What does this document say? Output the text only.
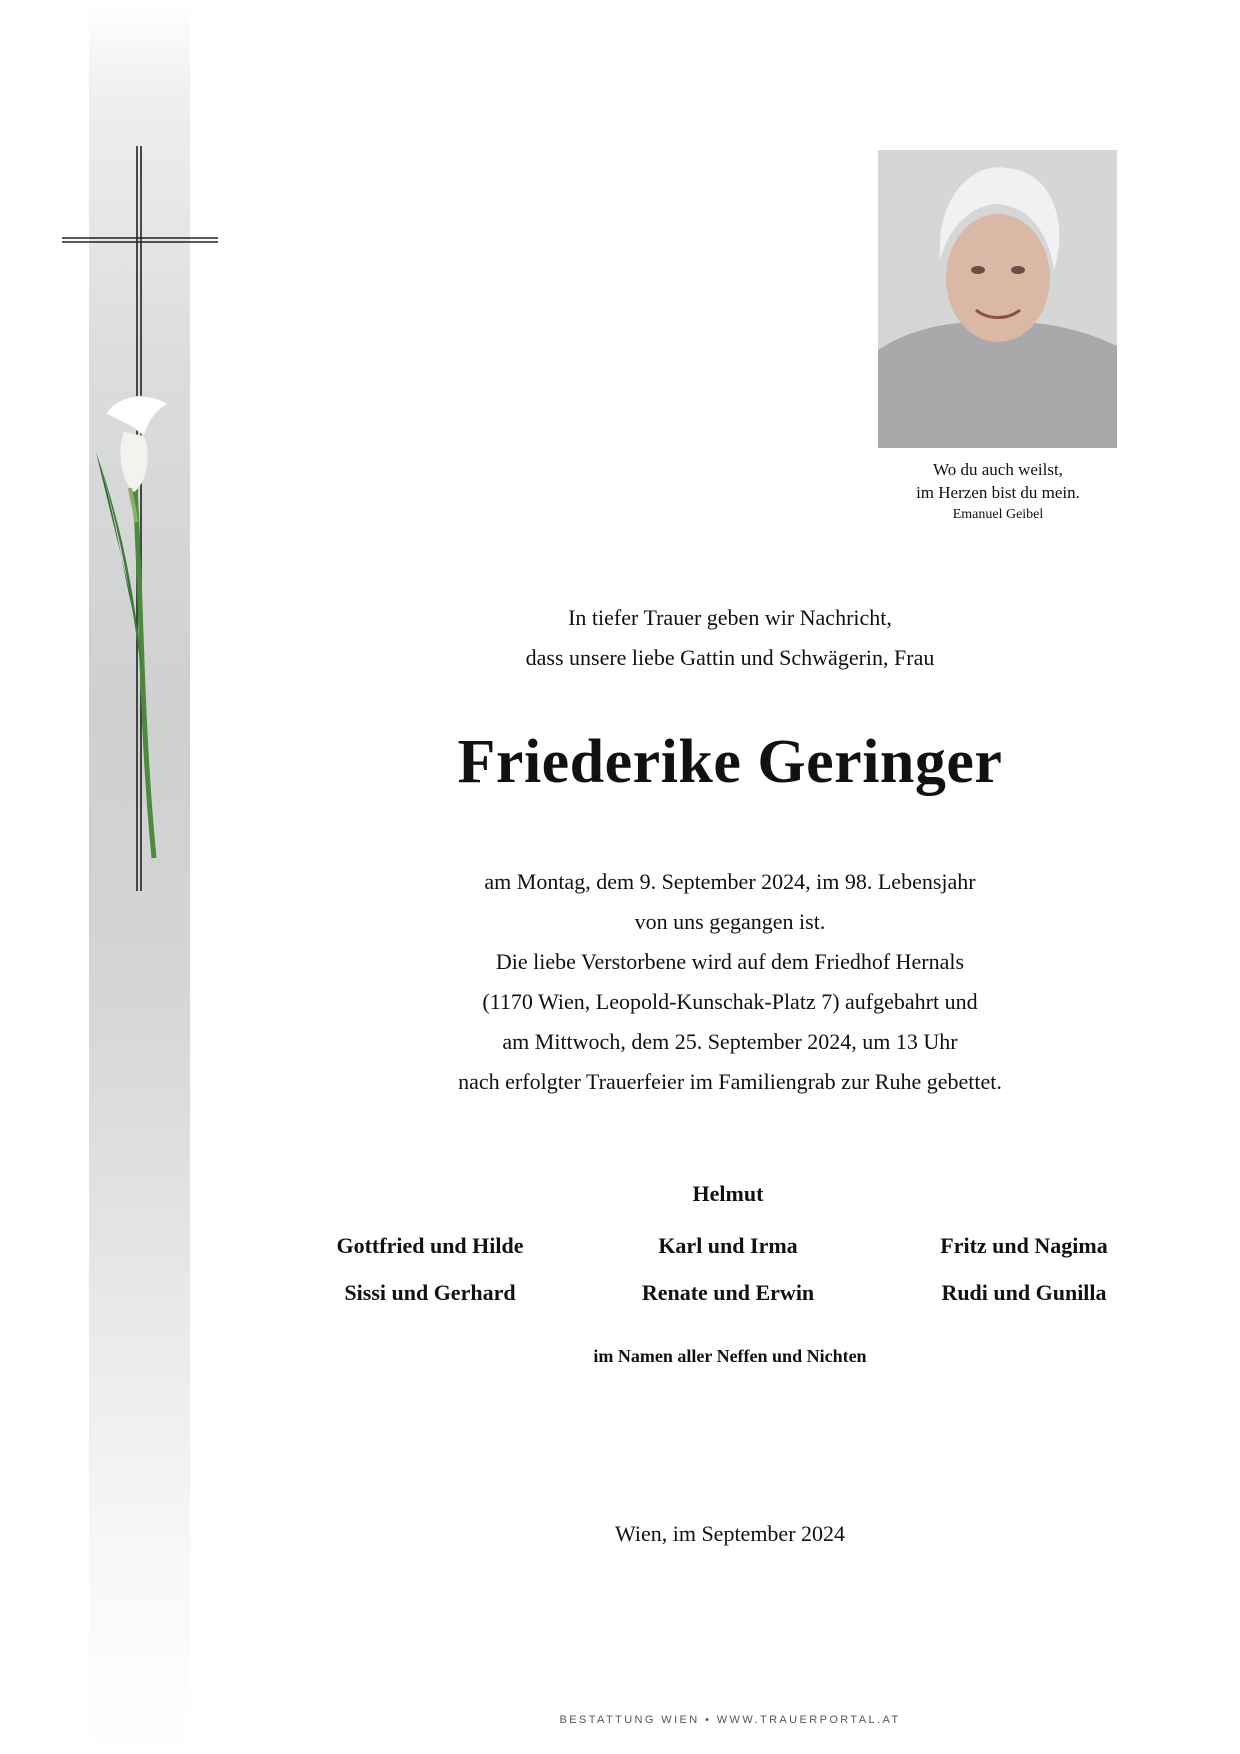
Wo du auch weilst,
im Herzen bist du mein.
Emanuel Geibel
In tiefer Trauer geben wir Nachricht,
dass unsere liebe Gattin und Schwägerin, Frau
Friederike Geringer
am Montag, dem 9. September 2024, im 98. Lebensjahr
von uns gegangen ist.
Die liebe Verstorbene wird auf dem Friedhof Hernals
(1170 Wien, Leopold-Kunschak-Platz 7) aufgebahrt und
am Mittwoch, dem 25. September 2024, um 13 Uhr
nach erfolgter Trauerfeier im Familiengrab zur Ruhe gebettet.
Helmut
Gottfried und Hilde
Sissi und Gerhard
Karl und Irma
Renate und Erwin
Fritz und Nagima
Rudi und Gunilla
im Namen aller Neffen und Nichten
Wien, im September 2024
BESTATTUNG WIEN • WWW.TRAUERPORTAL.AT
